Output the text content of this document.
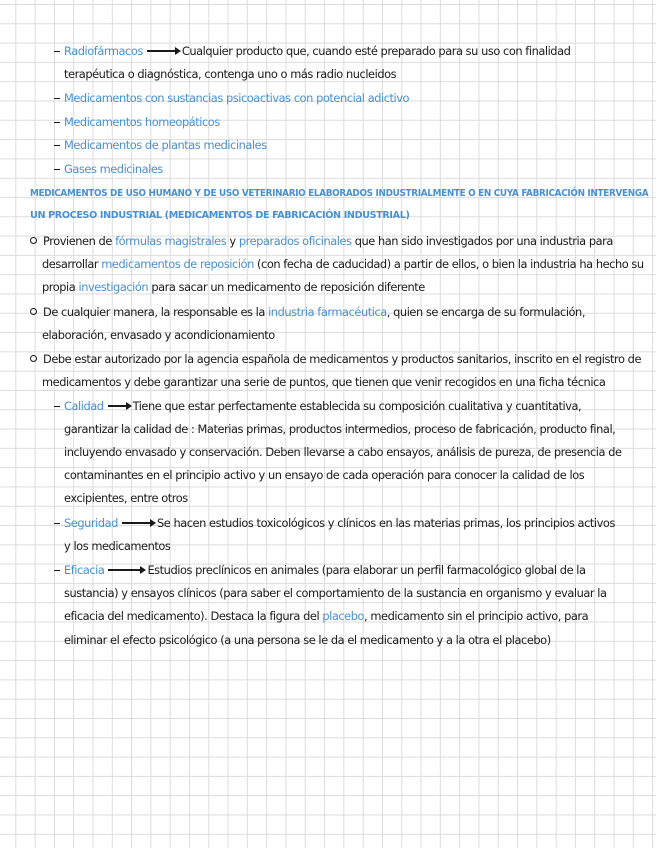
Radiofármacos	Cualquier producto que, cuando esté preparado para su uso con finalidad
terapéutica o diagnóstica, contenga uno o más radio nucleidos
Medicamentos con sustancias psicoactivas con potencial adictivo
Medicamentos homeopáticos
Medicamentos de plantas medicinales
Gases medicinales
MEDICAMENTOS DE USO HUMANO Y DE USO VETERINARIO ELABORADOS INDUSTRIALMENTE O EN CUYA FABRICACIÓN INTERVENGA
UN PROCESO INDUSTRIAL (MEDICAMENTOS DE FABRICACIÓN INDUSTRIAL)
Provienen de fórmulas magistrales y preparados oficinales que han sido investigados por una industria para
desarrollar medicamentos de reposición (con fecha de caducidad) a partir de ellos, o bien la industria ha hecho su
propia investigación para sacar un medicamento de reposición diferente
De cualquier manera, la responsable es la industria farmacéutica, quien se encarga de su formulación,
elaboración, envasado y acondicionamiento
Debe estar autorizado por la agencia española de medicamentos y productos sanitarios, inscrito en el registro de
medicamentos y debe garantizar una serie de puntos, que tienen que venir recogidos en una ficha técnica
Calidad	Tiene que estar perfectamente establecida su composición cualitativa y cuantitativa,
garantizar la calidad de : Materias primas, productos intermedios, proceso de fabricación, producto final,
incluyendo envasado y conservación. Deben llevarse a cabo ensayos, análisis de pureza, de presencia de
contaminantes en el principio activo y un ensayo de cada operación para conocer la calidad de los
excipientes, entre otros
Seguridad	Se hacen estudios toxicológicos y clínicos en las materias primas, los principios activos
y los medicamentos
Eficacia	Estudios preclínicos en animales (para elaborar un perfil farmacológico global de la
sustancia) y ensayos clínicos (para saber el comportamiento de la sustancia en organismo y evaluar la
eficacia del medicamento). Destaca la figura del placebo, medicamento sin el principio activo, para
eliminar el efecto psicológico (a una persona se le da el medicamento y a la otra el placebo)
